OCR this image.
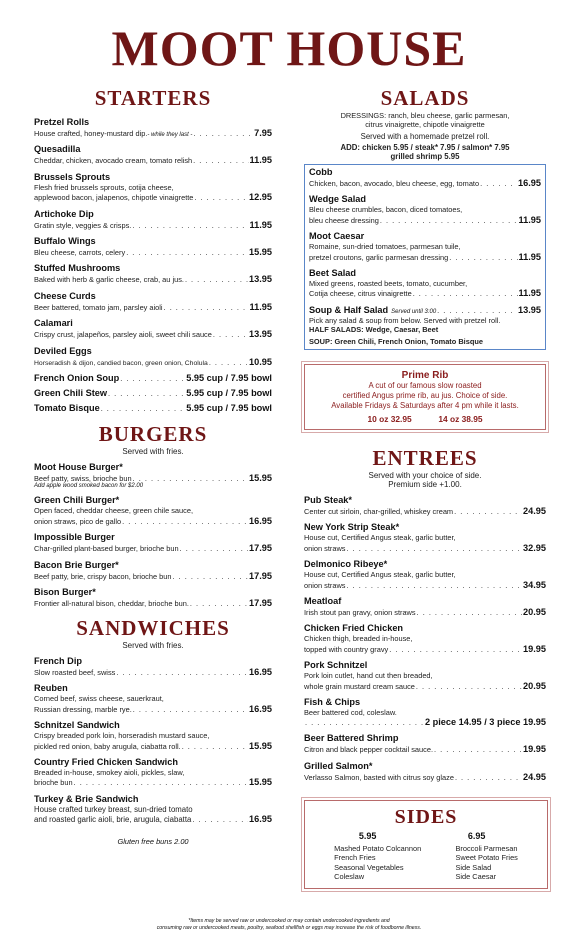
MOOT HOUSE
STARTERS
Pretzel Rolls
House crafted, honey-mustard dip. - while they last - . . .	7.95
Quesadilla
Cheddar, chicken, avocado cream, tomato relish . . .	11.95
Brussels Sprouts
Flesh fried brussels sprouts, cotija cheese,
applewood bacon, jalapenos, chipotle vinaigrette . . .	12.95
Artichoke Dip
Gratin style, veggies & crisps. . . .	11.95
Buffalo Wings
Bleu cheese, carrots, celery . . .	15.95
Stuffed Mushrooms
Baked with herb & garlic cheese, crab, au jus. . . .	13.95
Cheese Curds
Beer battered, tomato jam, parsley aioli . . .	11.95
Calamari
Crispy crust, jalapeños, parsley aioli, sweet chili sauce . . .	13.95
Deviled Eggs
Horseradish & dijon, candied bacon, green onion, Cholula . . .	10.95
French Onion Soup . . .	5.95 cup / 7.95 bowl
Green Chili Stew . . .	5.95 cup / 7.95 bowl
Tomato Bisque . . .	5.95 cup / 7.95 bowl
BURGERS
Served with fries.
Moot House Burger*
Beef patty, swiss, brioche bun . . .	15.95
Add apple wood smoked bacon for $2.00
Green Chili Burger*
Open faced, cheddar cheese, green chile sauce,
onion straws, pico de gallo . . .	16.95
Impossible Burger
Char-grilled plant-based burger, brioche bun . . .	17.95
Bacon Brie Burger*
Beef patty, brie, crispy bacon, brioche bun . . .	17.95
Bison Burger*
Frontier all-natural bison, cheddar, brioche bun. . . .	17.95
SANDWICHES
Served with fries.
French Dip
Slow roasted beef, swiss . . .	16.95
Reuben
Corned beef, swiss cheese, sauerkraut,
Russian dressing, marble rye. . . .	16.95
Schnitzel Sandwich
Crispy breaded pork loin, horseradish mustard sauce,
pickled red onion, baby arugula, ciabatta roll. . . .	15.95
Country Fried Chicken Sandwich
Breaded in-house, smokey aioli, pickles, slaw,
brioche bun . . .	15.95
Turkey & Brie Sandwich
House crafted turkey breast, sun-dried tomato
and roasted garlic aioli, brie, arugula, ciabatta . . .	16.95
Gluten free buns 2.00
SALADS
DRESSINGS: ranch, bleu cheese, garlic parmesan,
citrus vinaigrette, chipotle vinaigrette
Served with a homemade pretzel roll.
ADD: chicken 5.95 / steak* 7.95 / salmon* 7.95
grilled shrimp 5.95
Cobb
Chicken, bacon, avocado, bleu cheese, egg, tomato . . .	16.95
Wedge Salad
Bleu cheese crumbles, bacon, diced tomatoes,
bleu cheese dressing . . .	11.95
Moot Caesar
Romaine, sun-dried tomatoes, parmesan tuile,
pretzel croutons, garlic parmesan dressing . . .	11.95
Beet Salad
Mixed greens, roasted beets, tomato, cucumber,
Cotija cheese, citrus vinaigrette . . .	11.95
Soup & Half Salad Served until 3:00 . . .	13.95
Pick any salad & soup from below. Served with pretzel roll.
HALF SALADS: Wedge, Caesar, Beet
SOUP: Green Chili, French Onion, Tomato Bisque
Prime Rib
A cut of our famous slow roasted
certified Angus prime rib, au jus. Choice of side.
Available Fridays & Saturdays after 4 pm while it lasts.
10 oz 32.95	14 oz 38.95
ENTREES
Served with your choice of side.
Premium side +1.00.
Pub Steak*
Center cut sirloin, char-grilled, whiskey cream . . .	24.95
New York Strip Steak*
House cut, Certified Angus steak, garlic butter,
onion straws . . .	32.95
Delmonico Ribeye*
House cut, Certified Angus steak, garlic butter,
onion straws . . .	34.95
Meatloaf
Irish stout pan gravy, onion straws . . .	20.95
Chicken Fried Chicken
Chicken thigh, breaded in-house,
topped with country gravy . . .	19.95
Pork Schnitzel
Pork loin cutlet, hand cut then breaded,
whole grain mustard cream sauce . . .	20.95
Fish & Chips
Beer battered cod, coleslaw.
. . .
2 piece 14.95 / 3 piece 19.95
Beer Battered Shrimp
Citron and black pepper cocktail sauce. . . .	19.95
Grilled Salmon*
Verlasso Salmon, basted with citrus soy glaze . . .	24.95
SIDES
5.95
Mashed Potato Colcannon
French Fries
Seasonal Vegetables
Coleslaw
6.95
Broccoli Parmesan
Sweet Potato Fries
Side Salad
Side Caesar
*Items may be served raw or undercooked or may contain undercooked ingredients and
consuming raw or undercooked meats, poultry, seafood shellfish or eggs may increase the risk of foodborne illness.
